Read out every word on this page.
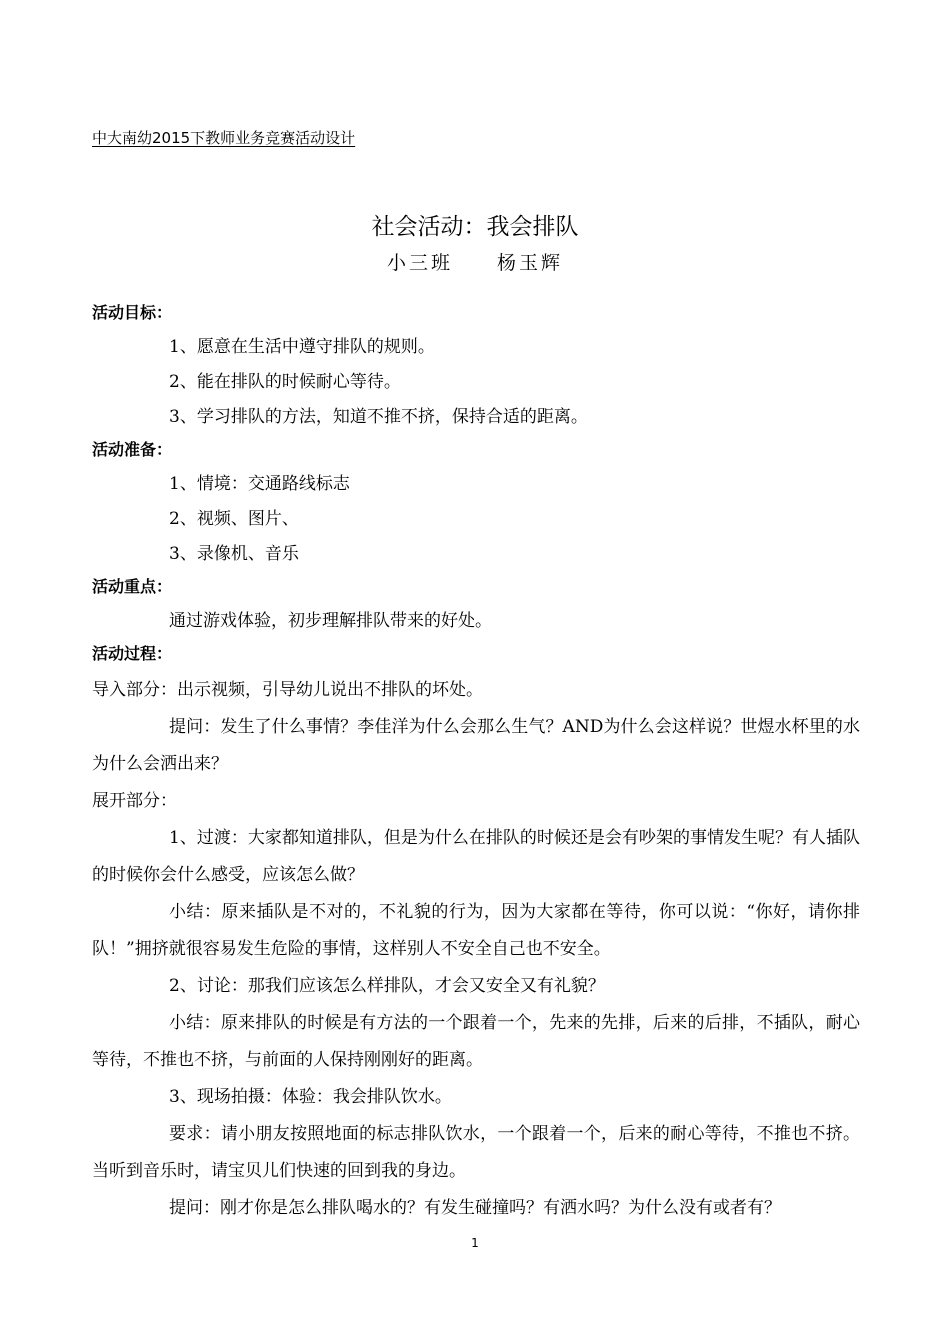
中大南幼2015下教师业务竞赛活动设计
社会活动：我会排队
小三班 杨玉辉

活动目标：

1、愿意在生活中遵守排队的规则。

2、能在排队的时候耐心等待。

3、学习排队的方法，知道不推不挤，保持合适的距离。

活动准备：

1、情境：交通路线标志

2、视频、图片、

3、录像机、音乐

活动重点：

通过游戏体验，初步理解排队带来的好处。

活动过程：

导入部分：出示视频，引导幼儿说出不排队的坏处。

提问：发生了什么事情？李佳洋为什么会那么生气？AND为什么会这样说？世煜水杯里的水为什么会洒出来？

展开部分：

1、过渡：大家都知道排队，但是为什么在排队的时候还是会有吵架的事情发生呢？有人插队的时候你会什么感受，应该怎么做？

小结：原来插队是不对的，不礼貌的行为，因为大家都在等待，你可以说：“你好，请你排队！”拥挤就很容易发生危险的事情，这样别人不安全自己也不安全。

2、讨论：那我们应该怎么样排队，才会又安全又有礼貌？

小结：原来排队的时候是有方法的一个跟着一个，先来的先排，后来的后排，不插队，耐心等待，不推也不挤，与前面的人保持刚刚好的距离。

3、现场拍摄：体验：我会排队饮水。

要求：请小朋友按照地面的标志排队饮水，一个跟着一个，后来的耐心等待，不推也不挤。当听到音乐时，请宝贝儿们快速的回到我的身边。

提问：刚才你是怎么排队喝水的？有发生碰撞吗？有洒水吗？为什么没有或者有？

1
